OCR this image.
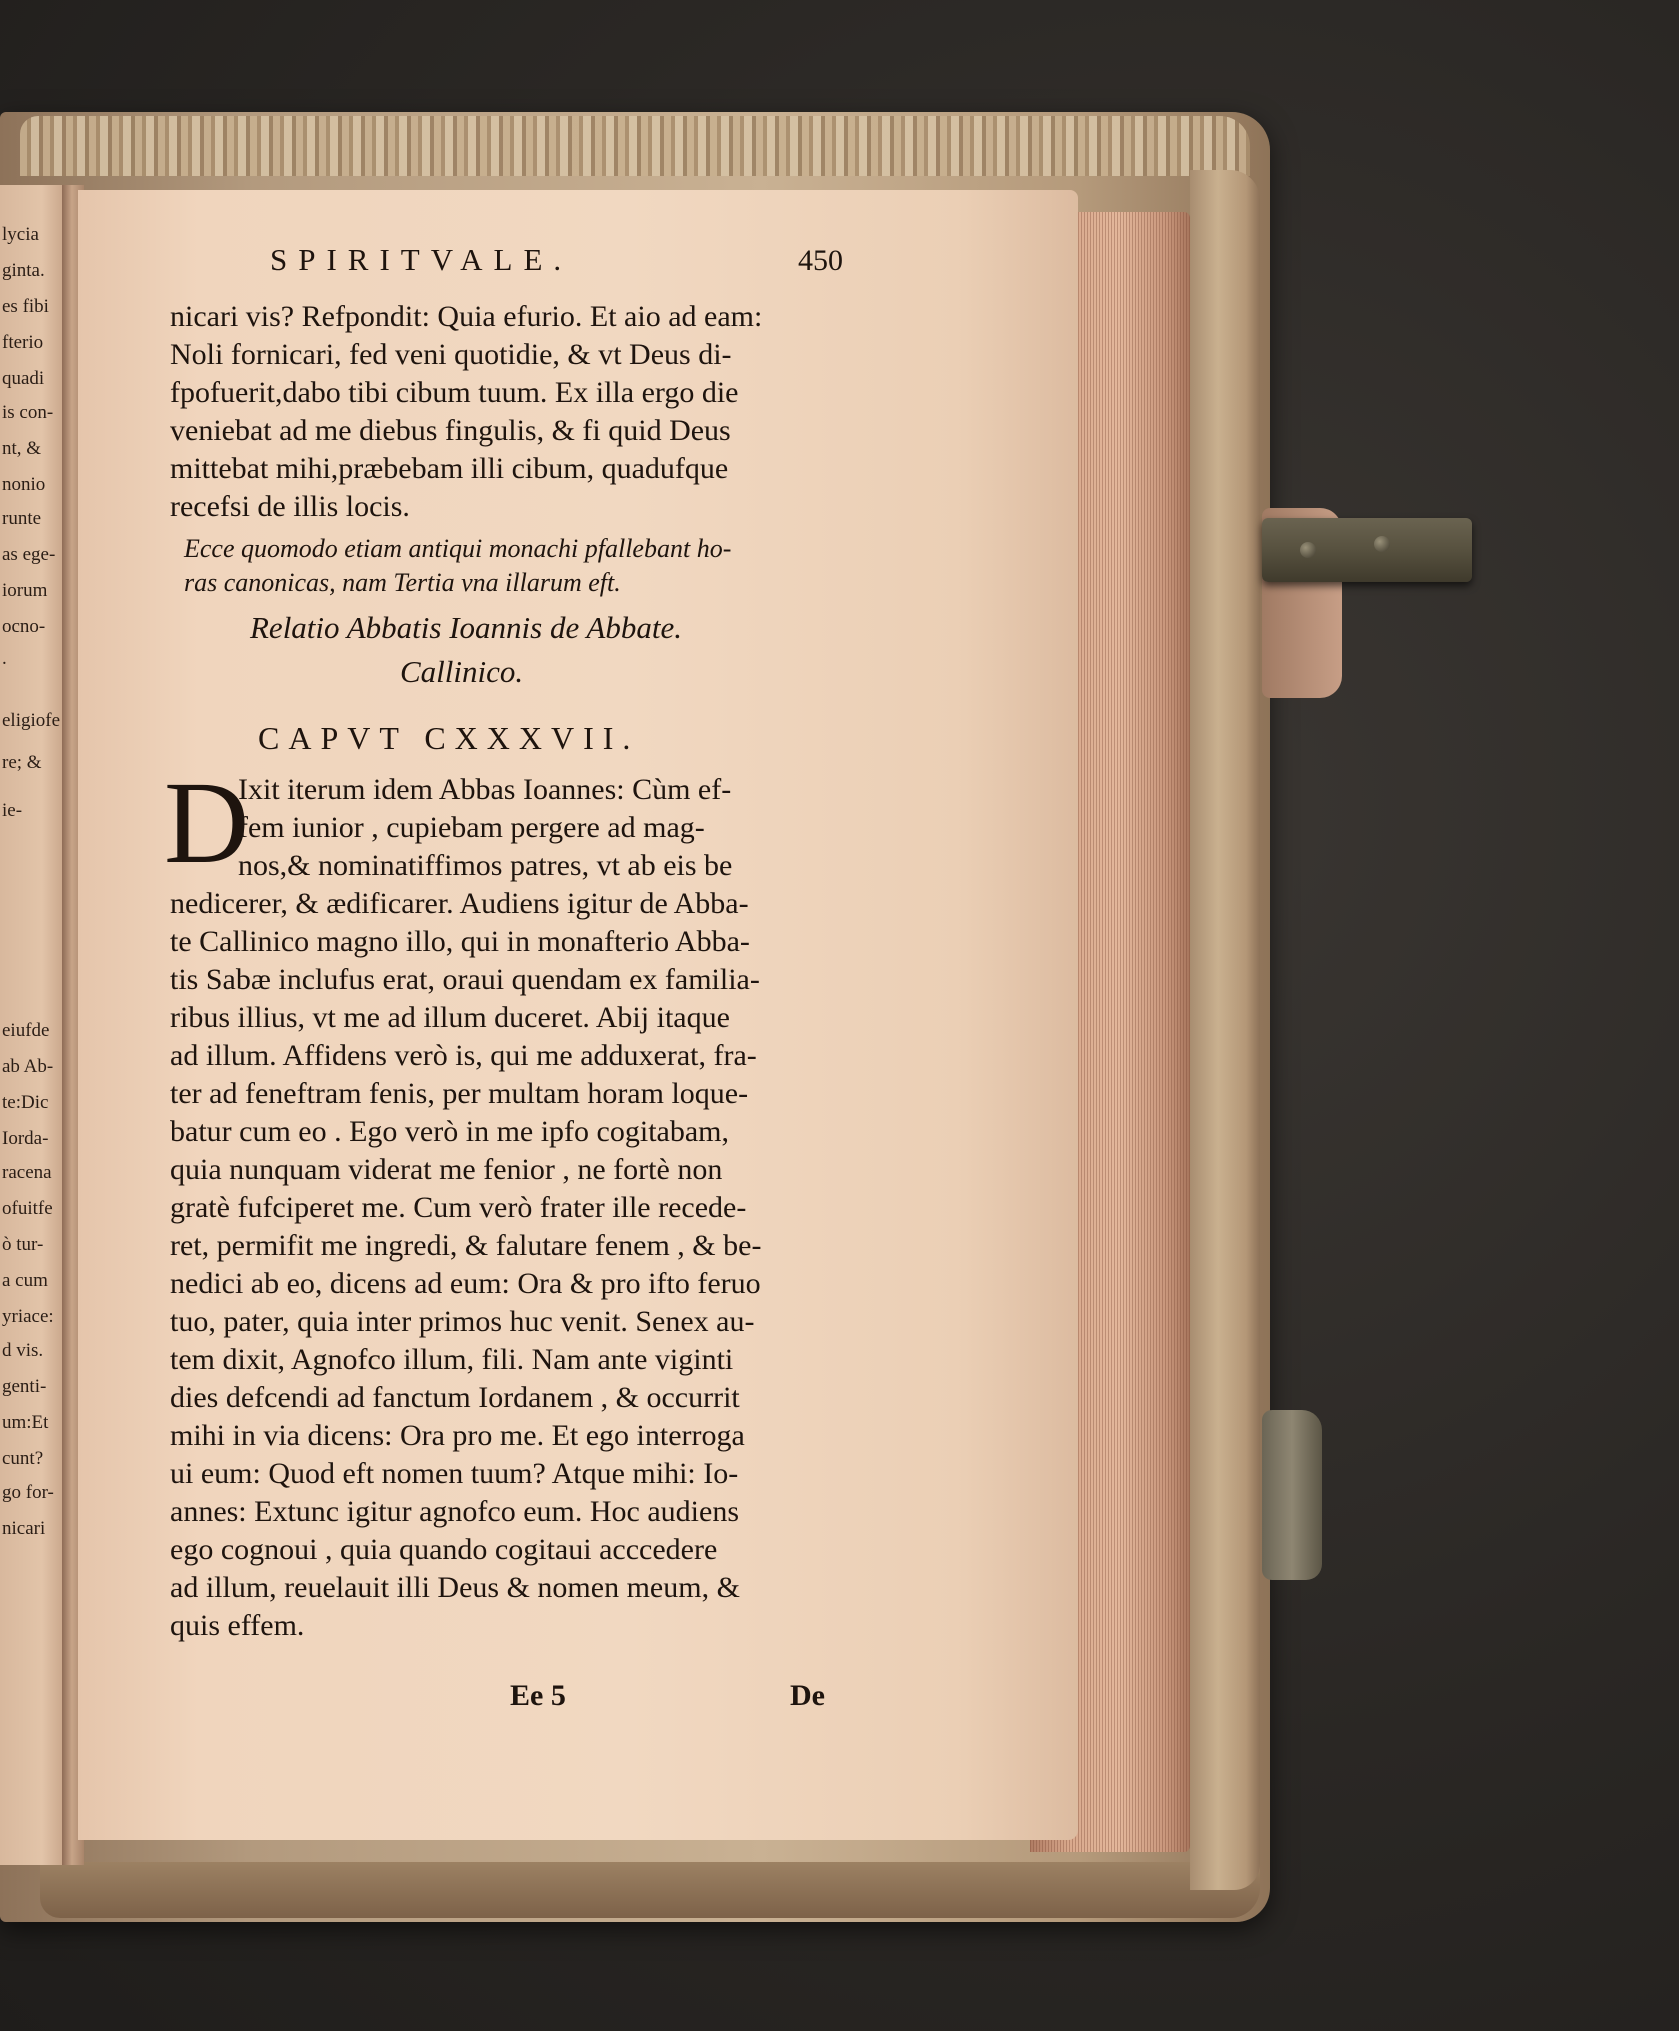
lycia

ginta.

es fibi

fterio

quadi

is con-

nt, &

nonio

runte

as ege-

iorum

ocno-

.

eligiofe

re; &

ie-

eiufde

ab Ab-

te:Dic

Iorda-

racena

ofuitfe

ò tur-

a cum

yriace:

d vis.

genti-

um:Et

cunt?

go for-

nicari

SPIRITVALE.	450

nicari vis? Refpondit: Quia efurio. Et aio ad eam:

Noli fornicari, fed veni quotidie, & vt Deus di-

fpofuerit,dabo tibi cibum tuum. Ex illa ergo die

veniebat ad me diebus fingulis, & fi quid Deus

mittebat mihi,præbebam illi cibum, quadufque

recefsi de illis locis.

Ecce quomodo etiam antiqui monachi pfallebant ho-

ras canonicas, nam Tertia vna illarum eft.

Relatio Abbatis Ioannis de Abbate.

Callinico.

CAPVT CXXXVII.
D

Ixit iterum idem Abbas Ioannes: Cùm ef-

fem iunior , cupiebam pergere ad mag-

nos,& nominatiffimos patres, vt ab eis be

nedicerer, & ædificarer. Audiens igitur de Abba-

te Callinico magno illo, qui in monafterio Abba-

tis Sabæ inclufus erat, oraui quendam ex familia-

ribus illius, vt me ad illum duceret. Abij itaque

ad illum. Affidens verò is, qui me adduxerat, fra-

ter ad feneftram fenis, per multam horam loque-

batur cum eo . Ego verò in me ipfo cogitabam,

quia nunquam viderat me fenior , ne fortè non

gratè fufciperet me. Cum verò frater ille recede-

ret, permifit me ingredi, & falutare fenem , & be-

nedici ab eo, dicens ad eum: Ora & pro ifto feruo

tuo, pater, quia inter primos huc venit. Senex au-

tem dixit, Agnofco illum, fili. Nam ante viginti

dies defcendi ad fanctum Iordanem , & occurrit

mihi in via dicens: Ora pro me. Et ego interroga

ui eum: Quod eft nomen tuum? Atque mihi: Io-

annes: Extunc igitur agnofco eum. Hoc audiens

ego cognoui , quia quando cogitaui acccedere

ad illum, reuelauit illi Deus & nomen meum, &

quis effem.

Ee 5	De
